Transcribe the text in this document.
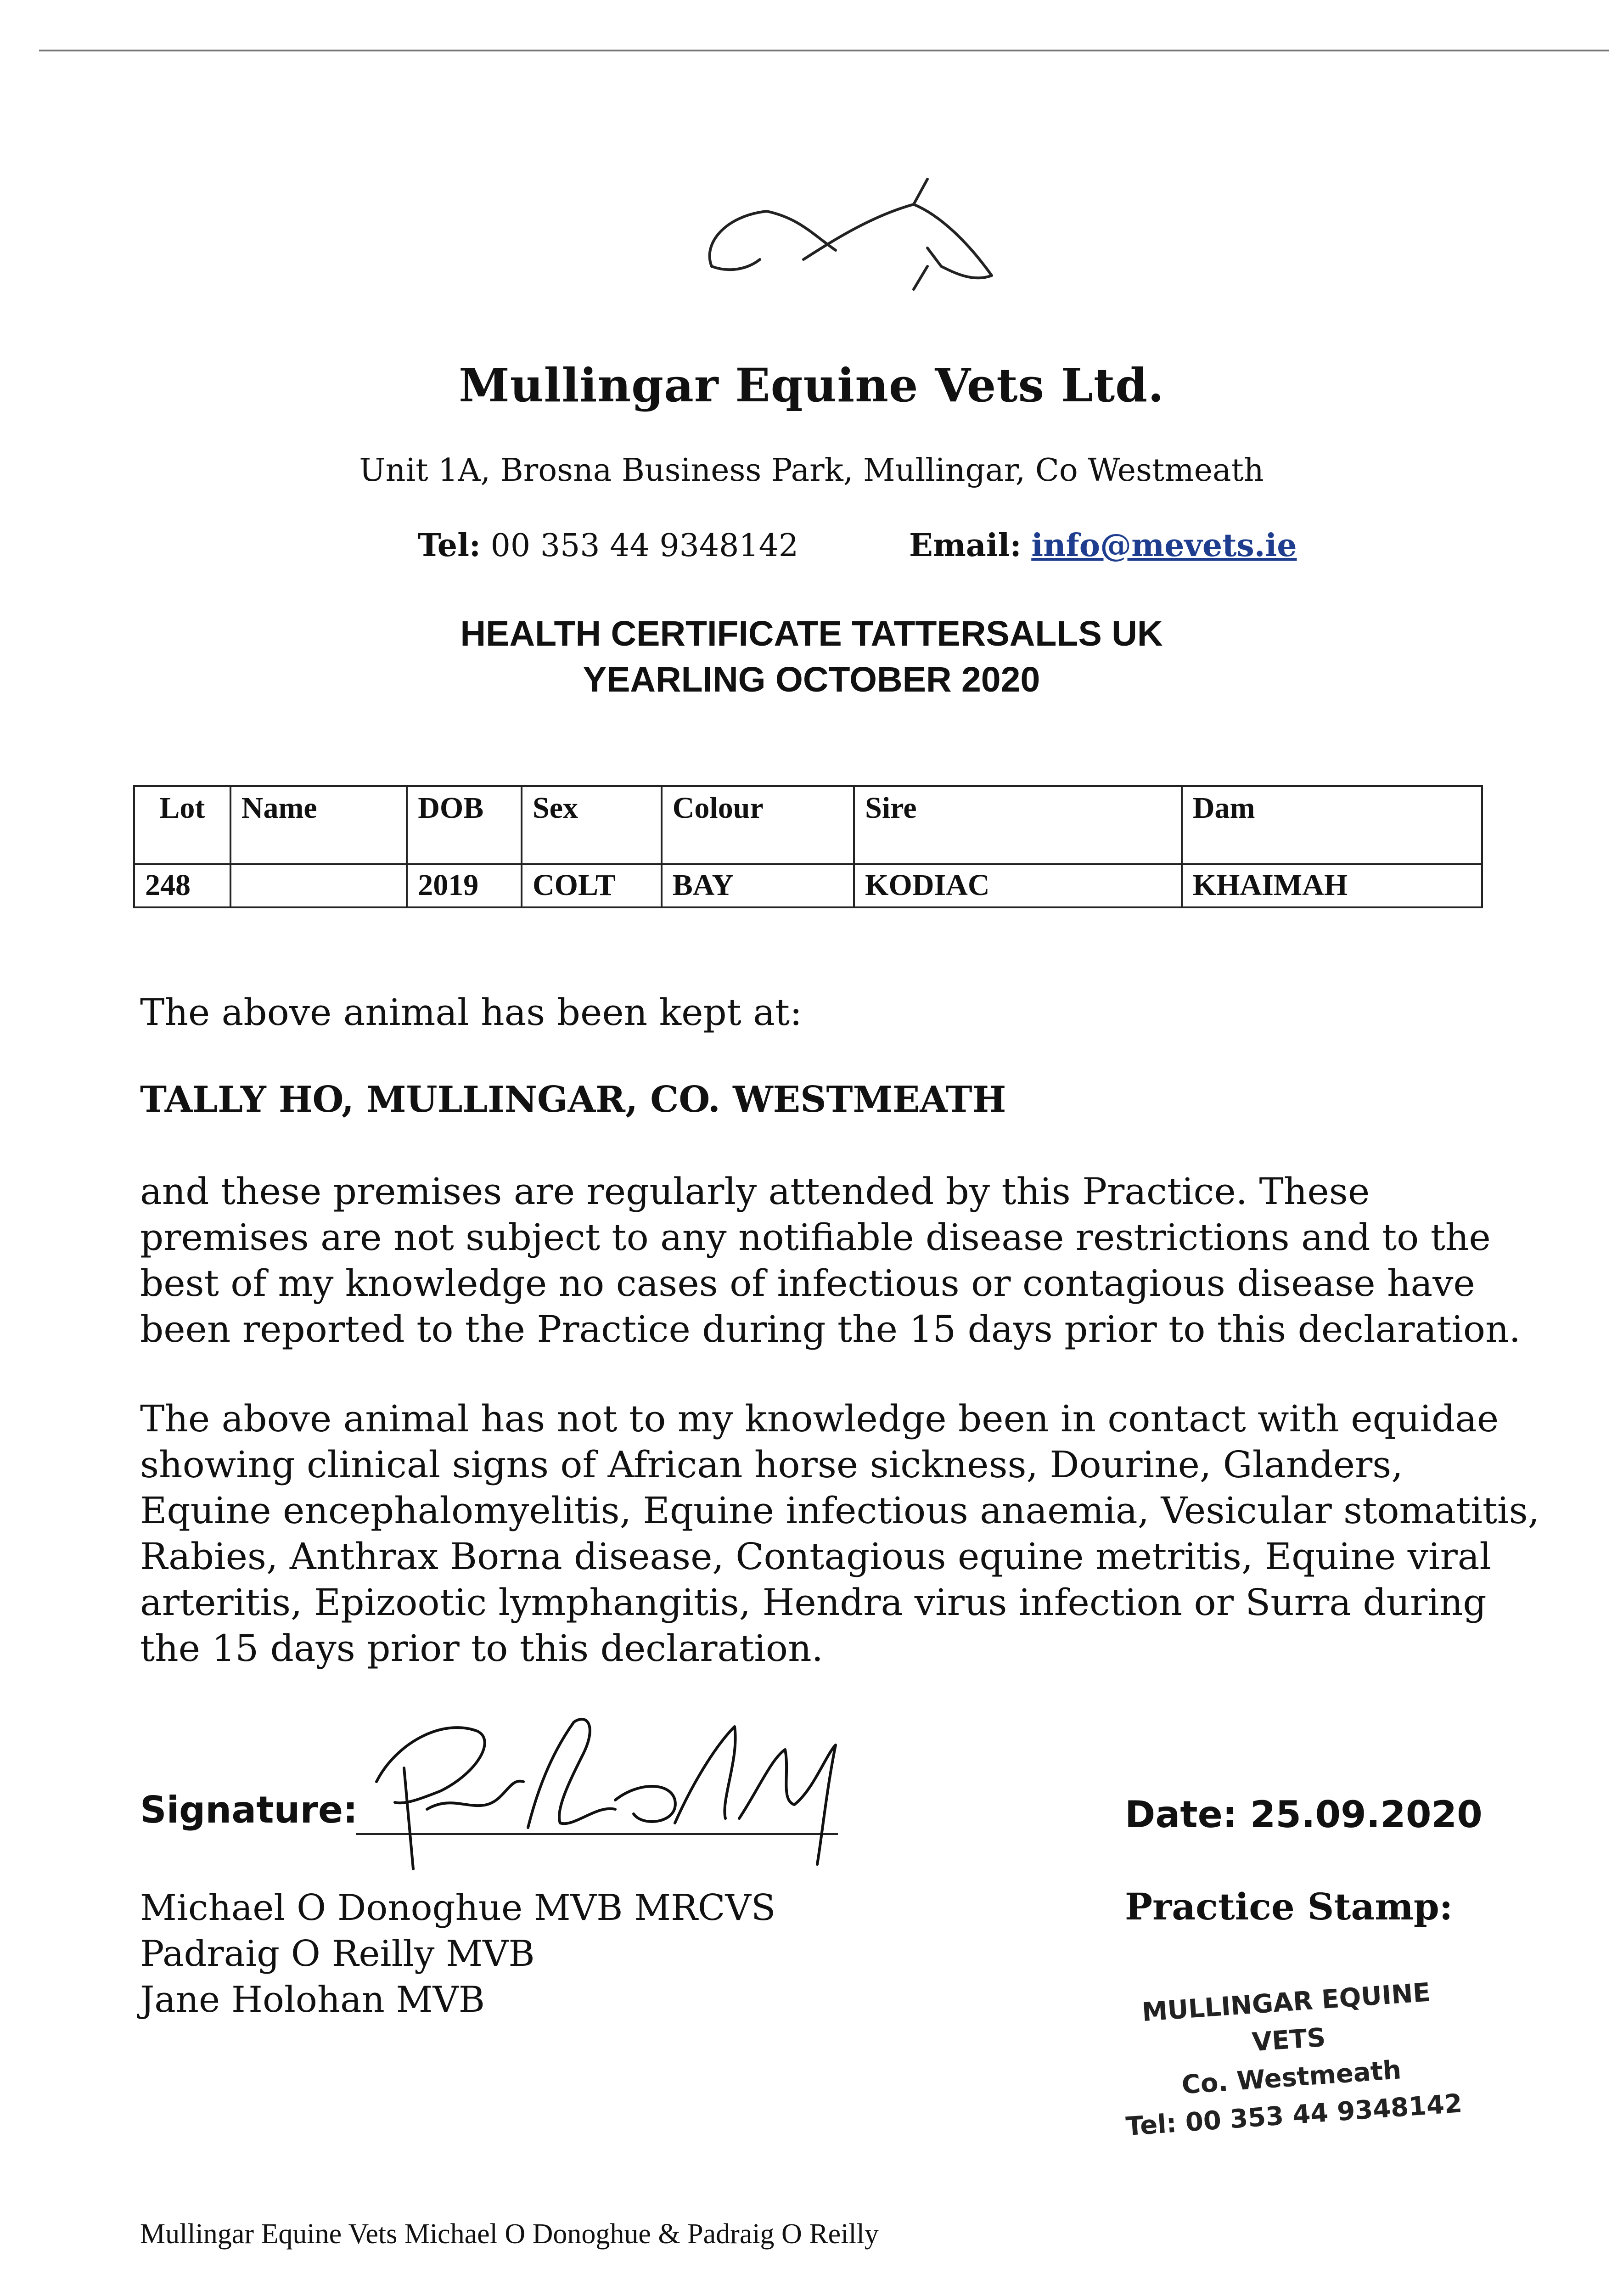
Mullingar Equine Vets Ltd.
Unit 1A, Brosna Business Park, Mullingar, Co Westmeath
Tel: 00 353 44 9348142	Email: info@mevets.ie
HEALTH CERTIFICATE TATTERSALLS UK
YEARLING OCTOBER 2020
Lot	Name	DOB	Sex	Colour	Sire	Dam
248		2019	COLT	BAY	KODIAC	KHAIMAH
The above animal has been kept at:
TALLY HO, MULLINGAR, CO. WESTMEATH
and these premises are regularly attended by this Practice. These premises are not subject to any notifiable disease restrictions and to the best of my knowledge no cases of infectious or contagious disease have been reported to the Practice during the 15 days prior to this declaration.
The above animal has not to my knowledge been in contact with equidae showing clinical signs of African horse sickness, Dourine, Glanders, Equine encephalomyelitis, Equine infectious anaemia, Vesicular stomatitis, Rabies, Anthrax Borna disease, Contagious equine metritis, Equine viral arteritis, Epizootic lymphangitis, Hendra virus infection or Surra during the 15 days prior to this declaration.
Signature:
Michael O Donoghue MVB MRCVS
Padraig O Reilly MVB
Jane Holohan MVB
Date: 25.09.2020
Practice Stamp:
MULLINGAR EQUINE VETS
Co. Westmeath
Tel: 00 353 44 9348142
Mullingar Equine Vets Michael O Donoghue & Padraig O Reilly
